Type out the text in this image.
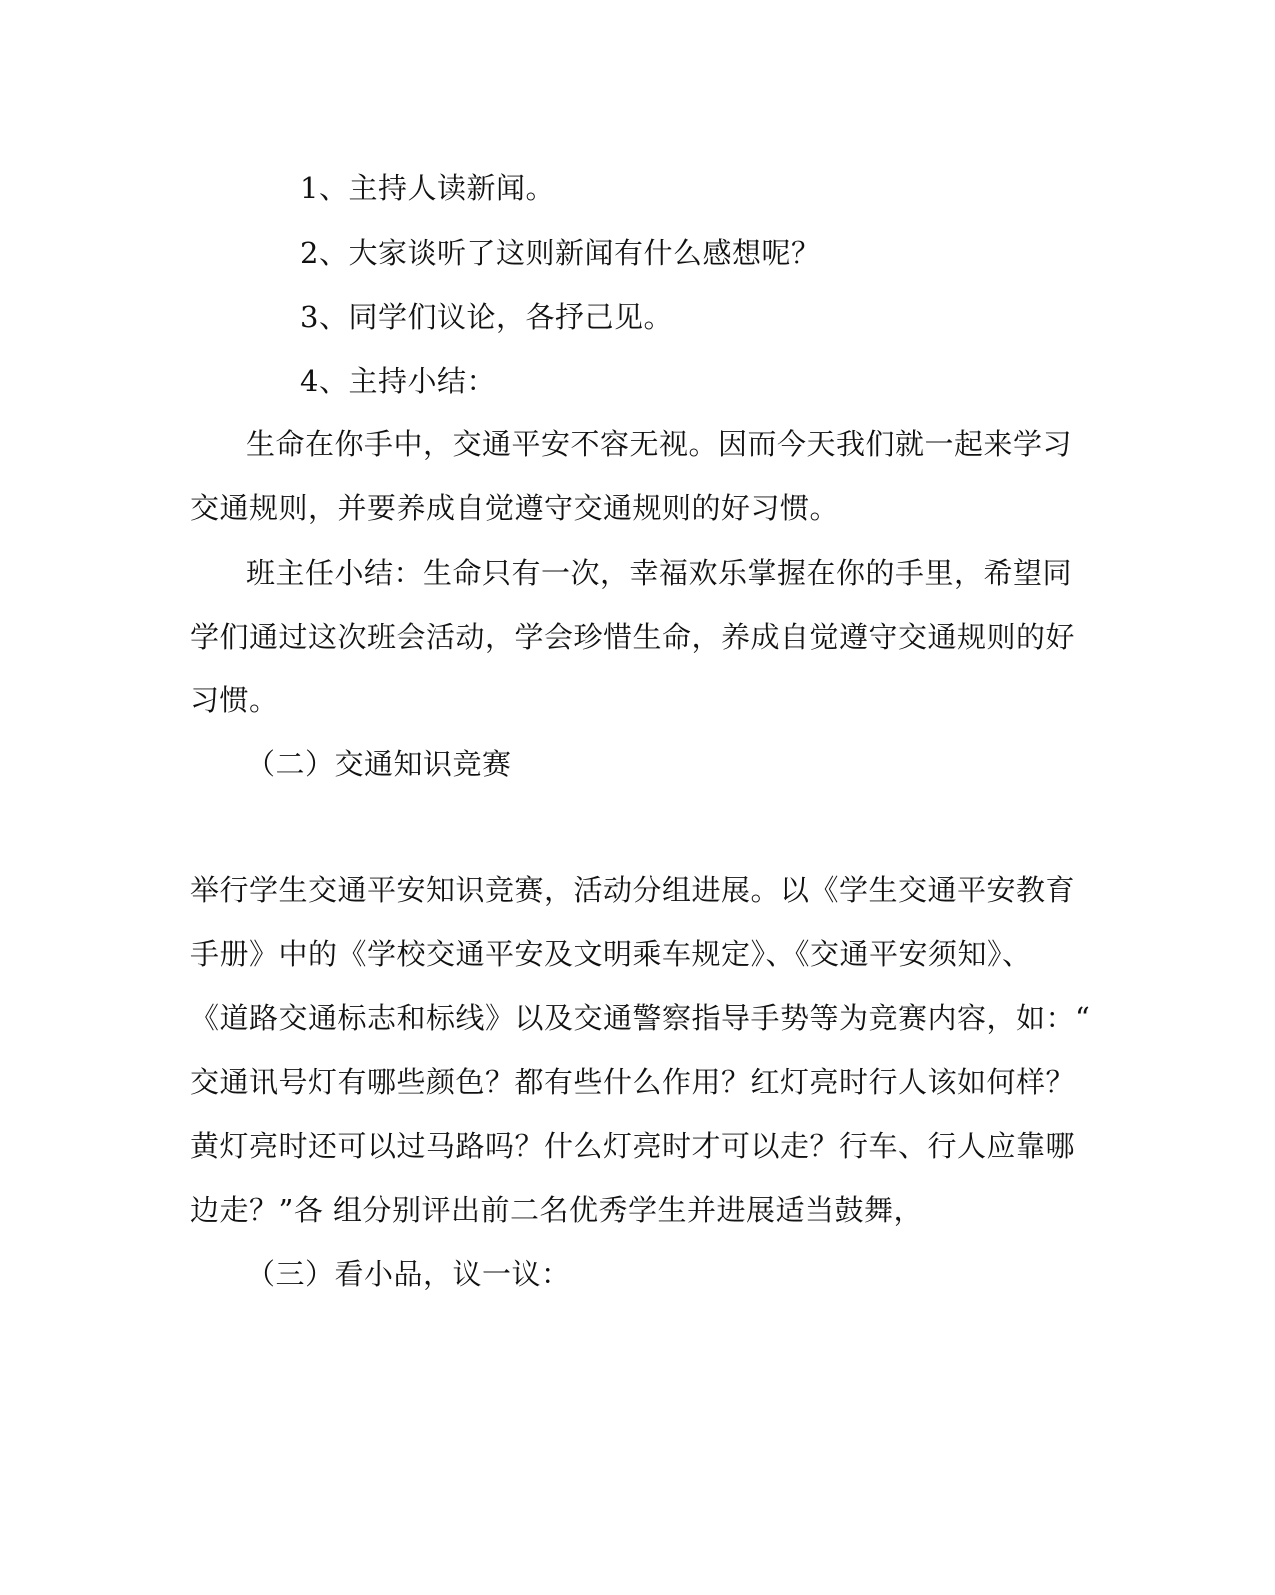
1、主持人读新闻。
2、大家谈听了这则新闻有什么感想呢？
3、同学们议论，各抒己见。
4、主持小结：
生命在你手中，交通平安不容无视。因而今天我们就一起来学习
交通规则，并要养成自觉遵守交通规则的好习惯。
班主任小结：生命只有一次，幸福欢乐掌握在你的手里，希望同
学们通过这次班会活动，学会珍惜生命，养成自觉遵守交通规则的好
习惯。
（二）交通知识竞赛
举行学生交通平安知识竞赛，活动分组进展。以《学生交通平安教育
手册》中的《学校交通平安及文明乘车规定》、《交通平安须知》、
《道路交通标志和标线》以及交通警察指导手势等为竞赛内容，如：“
交通讯号灯有哪些颜色？都有些什么作用？红灯亮时行人该如何样？
黄灯亮时还可以过马路吗？什么灯亮时才可以走？行车、行人应靠哪
边走？”各 组分别评出前二名优秀学生并进展适当鼓舞，
（三）看小品，议一议：
